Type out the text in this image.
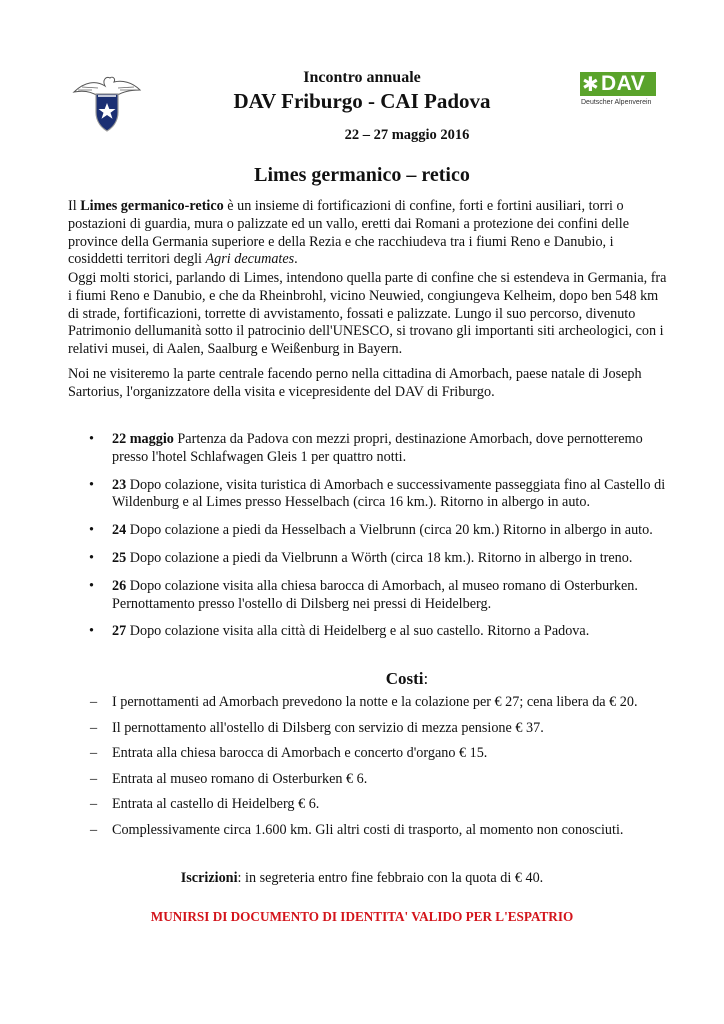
✱ DAV
Deutscher Alpenverein
Incontro annuale
DAV Friburgo - CAI Padova
22 – 27 maggio 2016
Limes germanico – retico

Il Limes germanico-retico è un insieme di fortificazioni di confine, forti e fortini ausiliari, torri o postazioni di guardia, mura o palizzate ed un vallo, eretti dai Romani a protezione dei confini delle province della Germania superiore e della Rezia e che racchiudeva tra i fiumi Reno e Danubio, i cosiddetti territori degli Agri decumates.

Oggi molti storici, parlando di Limes, intendono quella parte di confine che si estendeva in Germania, fra i fiumi Reno e Danubio, e che da Rheinbrohl, vicino Neuwied, congiungeva Kelheim, dopo ben 548 km di strade, fortificazioni, torrette di avvistamento, fossati e palizzate. Lungo il suo percorso, divenuto Patrimonio dellumanità sotto il patrocinio dell'UNESCO, si trovano gli importanti siti archeologici, con i relativi musei, di Aalen, Saalburg e Weißenburg in Bayern.

Noi ne visiteremo la parte centrale facendo perno nella cittadina di Amorbach, paese natale di Joseph Sartorius, l'organizzatore della visita e vicepresidente del DAV di Friburgo.

• 22 maggio Partenza da Padova con mezzi propri, destinazione Amorbach, dove pernotteremo presso l'hotel Schlafwagen Gleis 1 per quattro notti.
• 23 Dopo colazione, visita turistica di Amorbach e successivamente passeggiata fino al Castello di Wildenburg e al Limes presso Hesselbach (circa 16 km.). Ritorno in albergo in auto.
• 24 Dopo colazione a piedi da Hesselbach a Vielbrunn (circa 20 km.) Ritorno in albergo in auto.
• 25 Dopo colazione a piedi da Vielbrunn a Wörth (circa 18 km.). Ritorno in albergo in treno.
• 26 Dopo colazione visita alla chiesa barocca di Amorbach, al museo romano di Osterburken. Pernottamento presso l'ostello di Dilsberg nei pressi di Heidelberg.
• 27 Dopo colazione visita alla città di Heidelberg e al suo castello. Ritorno a Padova.
Costi:
– I pernottamenti ad Amorbach prevedono la notte e la colazione per € 27; cena libera da € 20.
– Il pernottamento all'ostello di Dilsberg con servizio di mezza pensione € 37.
– Entrata alla chiesa barocca di Amorbach e concerto d'organo € 15.
– Entrata al museo romano di Osterburken € 6.
– Entrata al castello di Heidelberg € 6.
– Complessivamente circa 1.600 km. Gli altri costi di trasporto, al momento non conosciuti.
Iscrizioni: in segreteria entro fine febbraio con la quota di € 40.
MUNIRSI DI DOCUMENTO DI IDENTITA' VALIDO PER L'ESPATRIO
